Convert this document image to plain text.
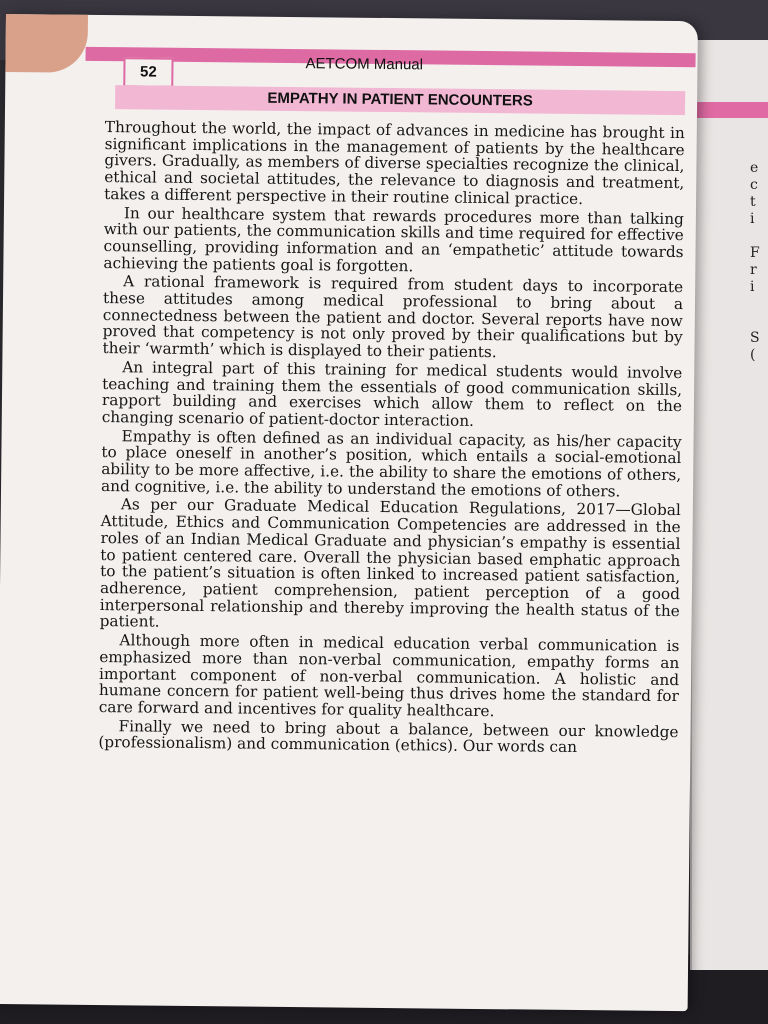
e
c
t
i

F
r
i

S
(
52	AETCOM Manual
EMPATHY IN PATIENT ENCOUNTERS

Throughout the world, the impact of advances in medicine has brought in significant implications in the management of patients by the healthcare givers. Gradually, as members of diverse specialties recognize the clinical, ethical and societal attitudes, the relevance to diagnosis and treatment, takes a different perspective in their routine clinical practice.

In our healthcare system that rewards procedures more than talking with our patients, the communication skills and time required for effective counselling, providing information and an ‘empathetic’ attitude towards achieving the patients goal is forgotten.

A rational framework is required from student days to incorporate these attitudes among medical professional to bring about a connectedness between the patient and doctor. Several reports have now proved that competency is not only proved by their qualifications but by their ‘warmth’ which is displayed to their patients.

An integral part of this training for medical students would involve teaching and training them the essentials of good communication skills, rapport building and exercises which allow them to reflect on the changing scenario of patient-doctor interaction.

Empathy is often defined as an individual capacity, as his/her capacity to place oneself in another’s position, which entails a social-emotional ability to be more affective, i.e. the ability to share the emotions of others, and cognitive, i.e. the ability to understand the emotions of others.

As per our Graduate Medical Education Regulations, 2017—Global Attitude, Ethics and Communication Competencies are addressed in the roles of an Indian Medical Graduate and physician’s empathy is essential to patient centered care. Overall the physician based emphatic approach to the patient’s situation is often linked to increased patient satisfaction, adherence, patient comprehension, patient perception of a good interpersonal relationship and thereby improving the health status of the patient.

Although more often in medical education verbal communication is emphasized more than non-verbal communication, empathy forms an important component of non-verbal communication. A holistic and humane concern for patient well-being thus drives home the standard for care forward and incentives for quality healthcare.

Finally we need to bring about a balance, between our knowledge (professionalism) and communication (ethics). Our words can
